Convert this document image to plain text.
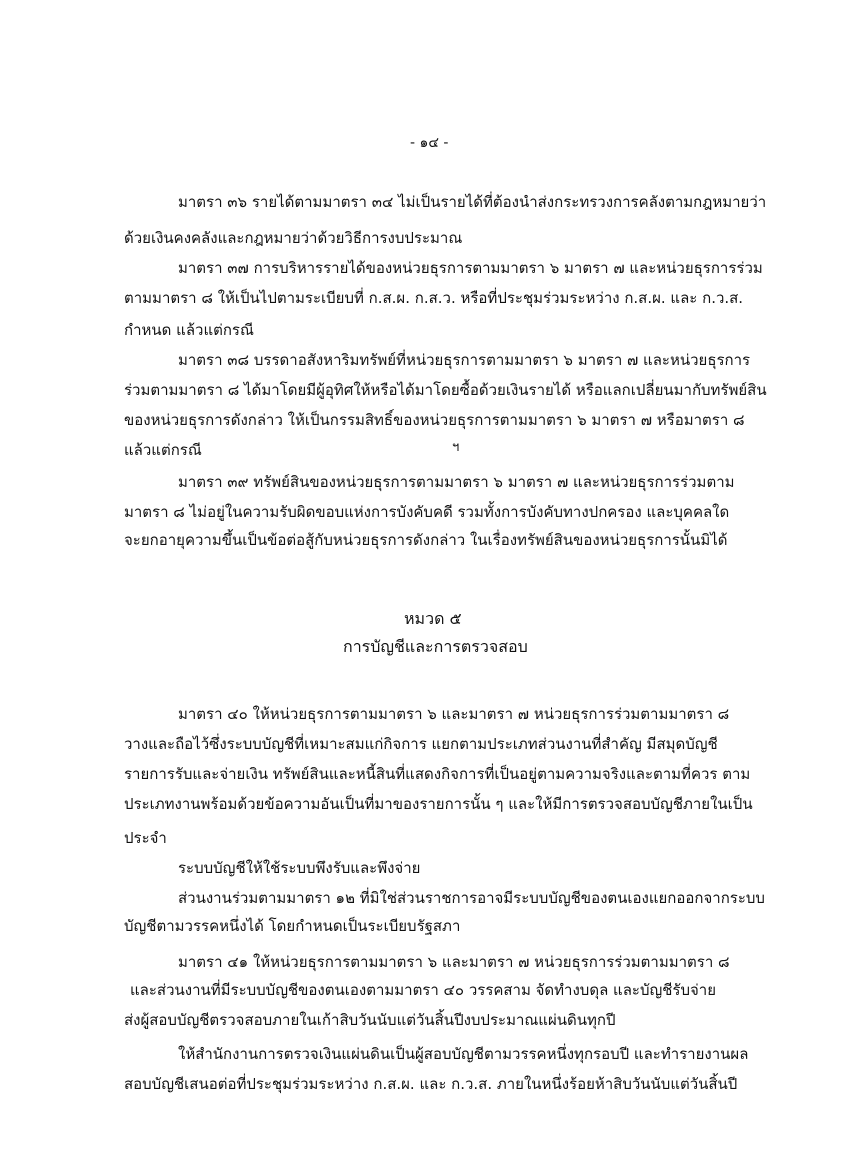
- ๑๔ -
มาตรา ๓๖ รายได้ตามมาตรา ๓๔ ไม่เป็นรายได้ที่ต้องนำส่งกระทรวงการคลังตามกฎหมายว่า
ด้วยเงินคงคลังและกฎหมายว่าด้วยวิธีการงบประมาณ
มาตรา ๓๗ การบริหารรายได้ของหน่วยธุรการตามมาตรา ๖ มาตรา ๗ และหน่วยธุรการร่วม
ตามมาตรา ๘ ให้เป็นไปตามระเบียบที่ ก.ส.ผ. ก.ส.ว. หรือที่ประชุมร่วมระหว่าง ก.ส.ผ. และ ก.ว.ส.
กำหนด แล้วแต่กรณี
มาตรา ๓๘ บรรดาอสังหาริมทรัพย์ที่หน่วยธุรการตามมาตรา ๖ มาตรา ๗ และหน่วยธุรการ
ร่วมตามมาตรา ๘ ได้มาโดยมีผู้อุทิศให้หรือได้มาโดยซื้อด้วยเงินรายได้ หรือแลกเปลี่ยนมากับทรัพย์สิน
ของหน่วยธุรการดังกล่าว ให้เป็นกรรมสิทธิ์ของหน่วยธุรการตามมาตรา ๖ มาตรา ๗ หรือมาตรา ๘
แล้วแต่กรณี	ฯ
มาตรา ๓๙ ทรัพย์สินของหน่วยธุรการตามมาตรา ๖ มาตรา ๗ และหน่วยธุรการร่วมตาม
มาตรา ๘ ไม่อยู่ในความรับผิดขอบแห่งการบังคับคดี รวมทั้งการบังคับทางปกครอง และบุคคลใด
จะยกอายุความขึ้นเป็นข้อต่อสู้กับหน่วยธุรการดังกล่าว ในเรื่องทรัพย์สินของหน่วยธุรการนั้นมิได้
หมวด ๕
การบัญชีและการตรวจสอบ
มาตรา ๔๐ ให้หน่วยธุรการตามมาตรา ๖ และมาตรา ๗ หน่วยธุรการร่วมตามมาตรา ๘
วางและถือไว้ซึ่งระบบบัญชีที่เหมาะสมแก่กิจการ แยกตามประเภทส่วนงานที่สำคัญ มีสมุดบัญชี
รายการรับและจ่ายเงิน ทรัพย์สินและหนี้สินที่แสดงกิจการที่เป็นอยู่ตามความจริงและตามที่ควร ตาม
ประเภทงานพร้อมด้วยข้อความอันเป็นที่มาของรายการนั้น ๆ และให้มีการตรวจสอบบัญชีภายในเป็น
ประจำ
ระบบบัญชีให้ใช้ระบบพึงรับและพึงจ่าย
ส่วนงานร่วมตามมาตรา ๑๒ ที่มิใช่ส่วนราชการอาจมีระบบบัญชีของตนเองแยกออกจากระบบ
บัญชีตามวรรคหนึ่งได้ โดยกำหนดเป็นระเบียบรัฐสภา
มาตรา ๔๑ ให้หน่วยธุรการตามมาตรา ๖ และมาตรา ๗ หน่วยธุรการร่วมตามมาตรา ๘
และส่วนงานที่มีระบบบัญชีของตนเองตามมาตรา ๔๐ วรรคสาม จัดทำงบดุล และบัญชีรับจ่าย
ส่งผู้สอบบัญชีตรวจสอบภายในเก้าสิบวันนับแต่วันสิ้นปีงบประมาณแผ่นดินทุกปี
ให้สำนักงานการตรวจเงินแผ่นดินเป็นผู้สอบบัญชีตามวรรคหนึ่งทุกรอบปี และทำรายงานผล
สอบบัญชีเสนอต่อที่ประชุมร่วมระหว่าง ก.ส.ผ. และ ก.ว.ส. ภายในหนึ่งร้อยห้าสิบวันนับแต่วันสิ้นปี
